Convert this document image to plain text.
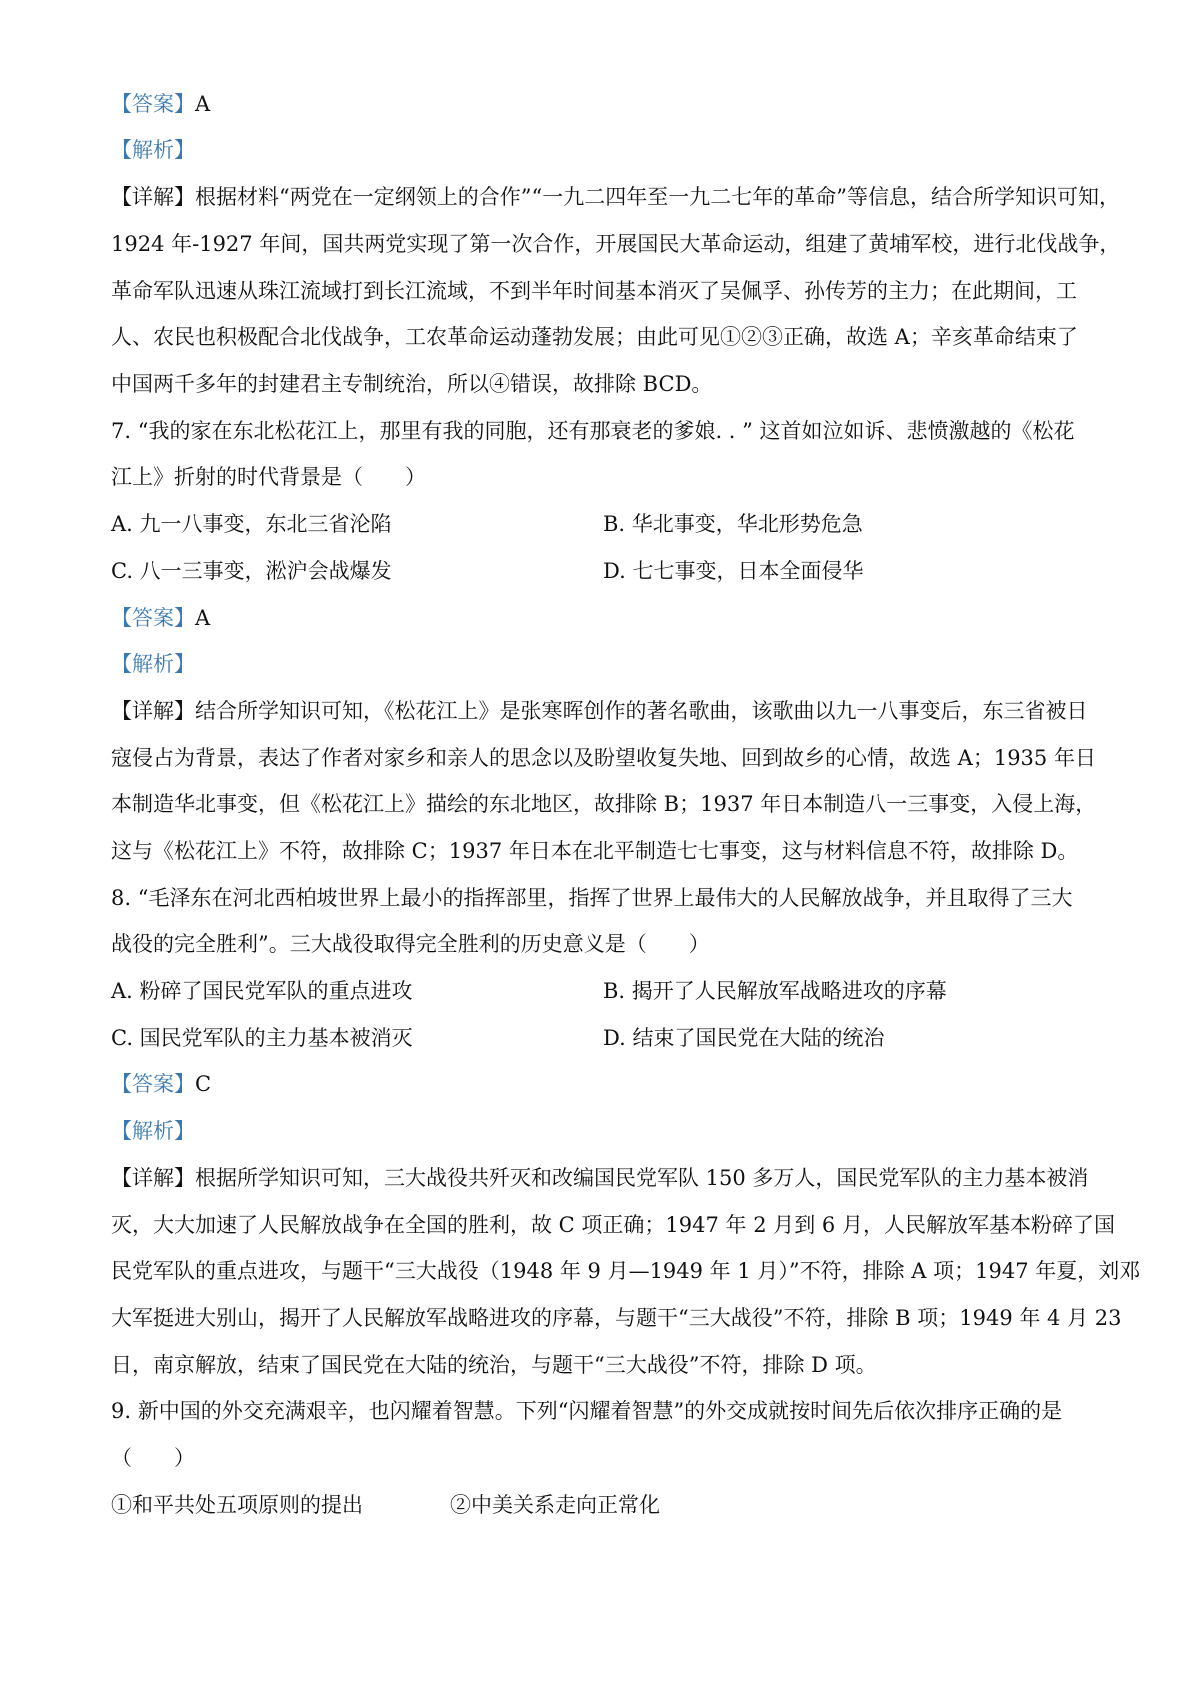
【答案】A
【解析】
【详解】根据材料“两党在一定纲领上的合作”“一九二四年至一九二七年的革命”等信息，结合所学知识可知，
1924 年-1927 年间，国共两党实现了第一次合作，开展国民大革命运动，组建了黄埔军校，进行北伐战争，
革命军队迅速从珠江流域打到长江流域，不到半年时间基本消灭了吴佩孚、孙传芳的主力；在此期间，工
人、农民也积极配合北伐战争，工农革命运动蓬勃发展；由此可见①②③正确，故选 A；辛亥革命结束了
中国两千多年的封建君主专制统治，所以④错误，故排除 BCD。
7. “我的家在东北松花江上，那里有我的同胞，还有那衰老的爹娘. . ” 这首如泣如诉、悲愤激越的《松花
江上》折射的时代背景是（　　）
A. 九一八事变，东北三省沦陷	B. 华北事变，华北形势危急
C. 八一三事变，淞沪会战爆发	D. 七七事变，日本全面侵华
【答案】A
【解析】
【详解】结合所学知识可知，《松花江上》是张寒晖创作的著名歌曲，该歌曲以九一八事变后，东三省被日
寇侵占为背景，表达了作者对家乡和亲人的思念以及盼望收复失地、回到故乡的心情，故选 A；1935 年日
本制造华北事变，但《松花江上》描绘的东北地区，故排除 B；1937 年日本制造八一三事变，入侵上海，
这与《松花江上》不符，故排除 C；1937 年日本在北平制造七七事变，这与材料信息不符，故排除 D。
8. “毛泽东在河北西柏坡世界上最小的指挥部里，指挥了世界上最伟大的人民解放战争，并且取得了三大
战役的完全胜利”。三大战役取得完全胜利的历史意义是（　　）
A. 粉碎了国民党军队的重点进攻	B. 揭开了人民解放军战略进攻的序幕
C. 国民党军队的主力基本被消灭	D. 结束了国民党在大陆的统治
【答案】C
【解析】
【详解】根据所学知识可知，三大战役共歼灭和改编国民党军队 150 多万人，国民党军队的主力基本被消
灭，大大加速了人民解放战争在全国的胜利，故 C 项正确；1947 年 2 月到 6 月，人民解放军基本粉碎了国
民党军队的重点进攻，与题干“三大战役（1948 年 9 月—1949 年 1 月）”不符，排除 A 项；1947 年夏，刘邓
大军挺进大别山，揭开了人民解放军战略进攻的序幕，与题干“三大战役”不符，排除 B 项；1949 年 4 月 23
日，南京解放，结束了国民党在大陆的统治，与题干“三大战役”不符，排除 D 项。
9. 新中国的外交充满艰辛，也闪耀着智慧。下列“闪耀着智慧”的外交成就按时间先后依次排序正确的是
（　　）
①和平共处五项原则的提出	②中美关系走向正常化
